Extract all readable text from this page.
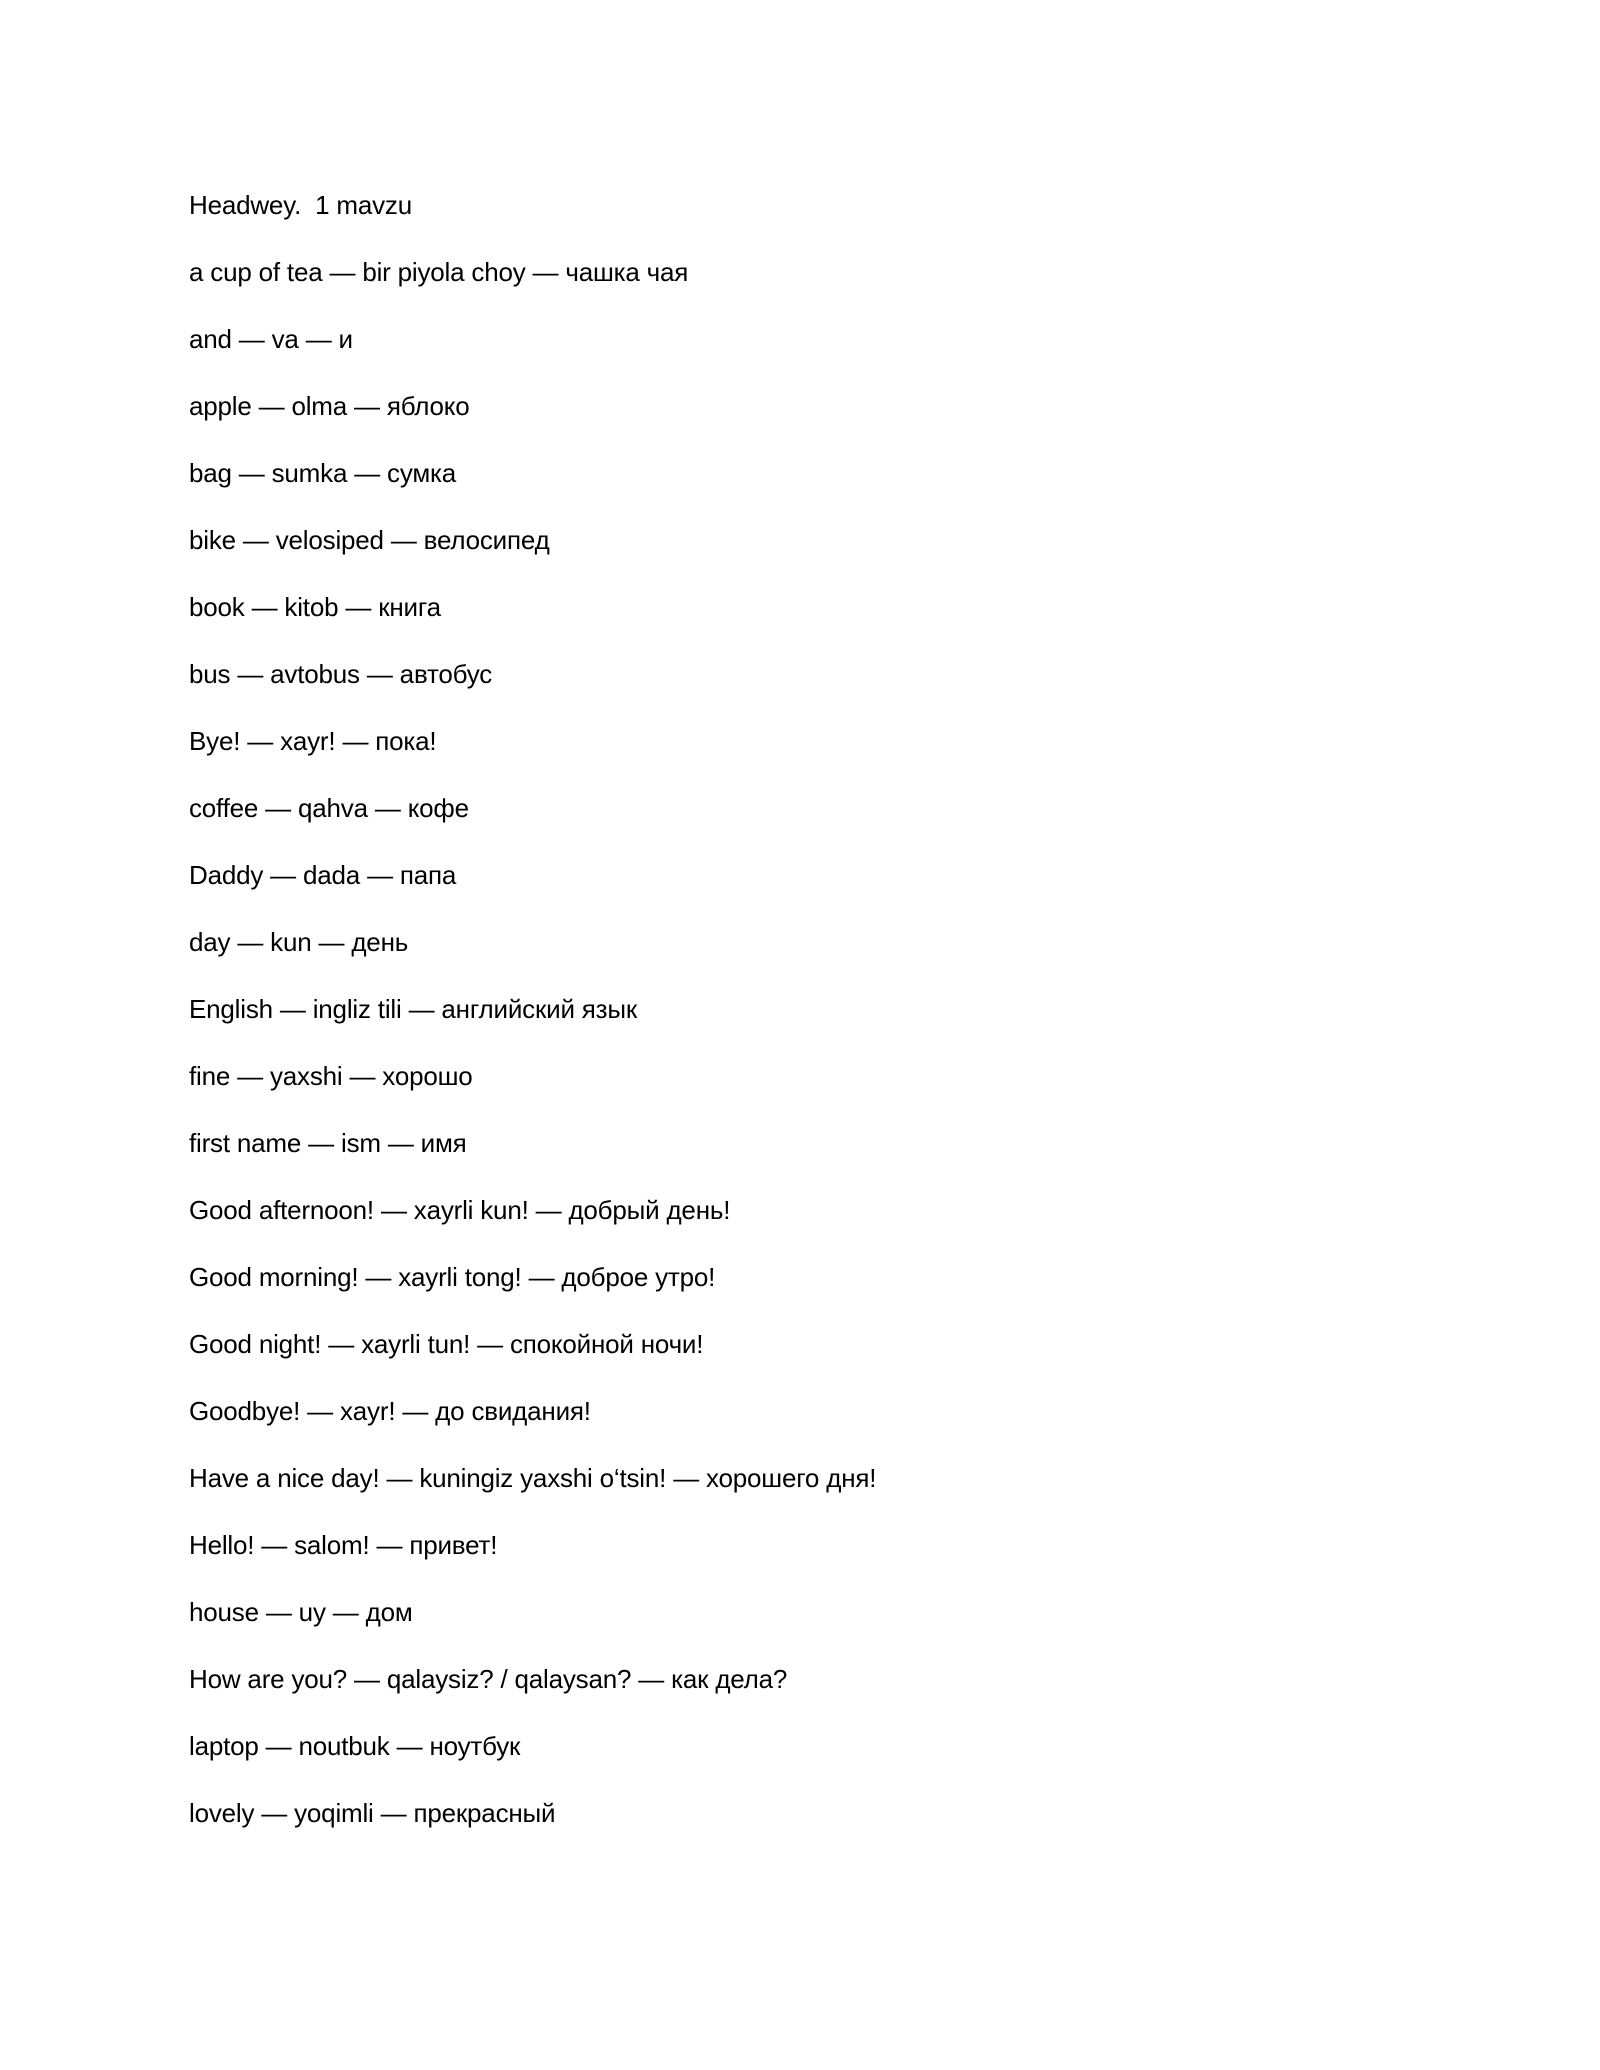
Headwey.  1 mavzu
a cup of tea — bir piyola choy — чашка чая
and — va — и
apple — olma — яблоко
bag — sumka — сумка
bike — velosiped — велосипед
book — kitob — книга
bus — avtobus — автобус
Bye! — xayr! — пока!
coffee — qahva — кофе
Daddy — dada — папа
day — kun — день
English — ingliz tili — английский язык
fine — yaxshi — хорошо
first name — ism — имя
Good afternoon! — xayrli kun! — добрый день!
Good morning! — xayrli tong! — доброе утро!
Good night! — xayrli tun! — спокойной ночи!
Goodbye! — xayr! — до свидания!
Have a nice day! — kuningiz yaxshi o‘tsin! — хорошего дня!
Hello! — salom! — привет!
house — uy — дом
How are you? — qalaysiz? / qalaysan? — как дела?
laptop — noutbuk — ноутбук
lovely — yoqimli — прекрасный
